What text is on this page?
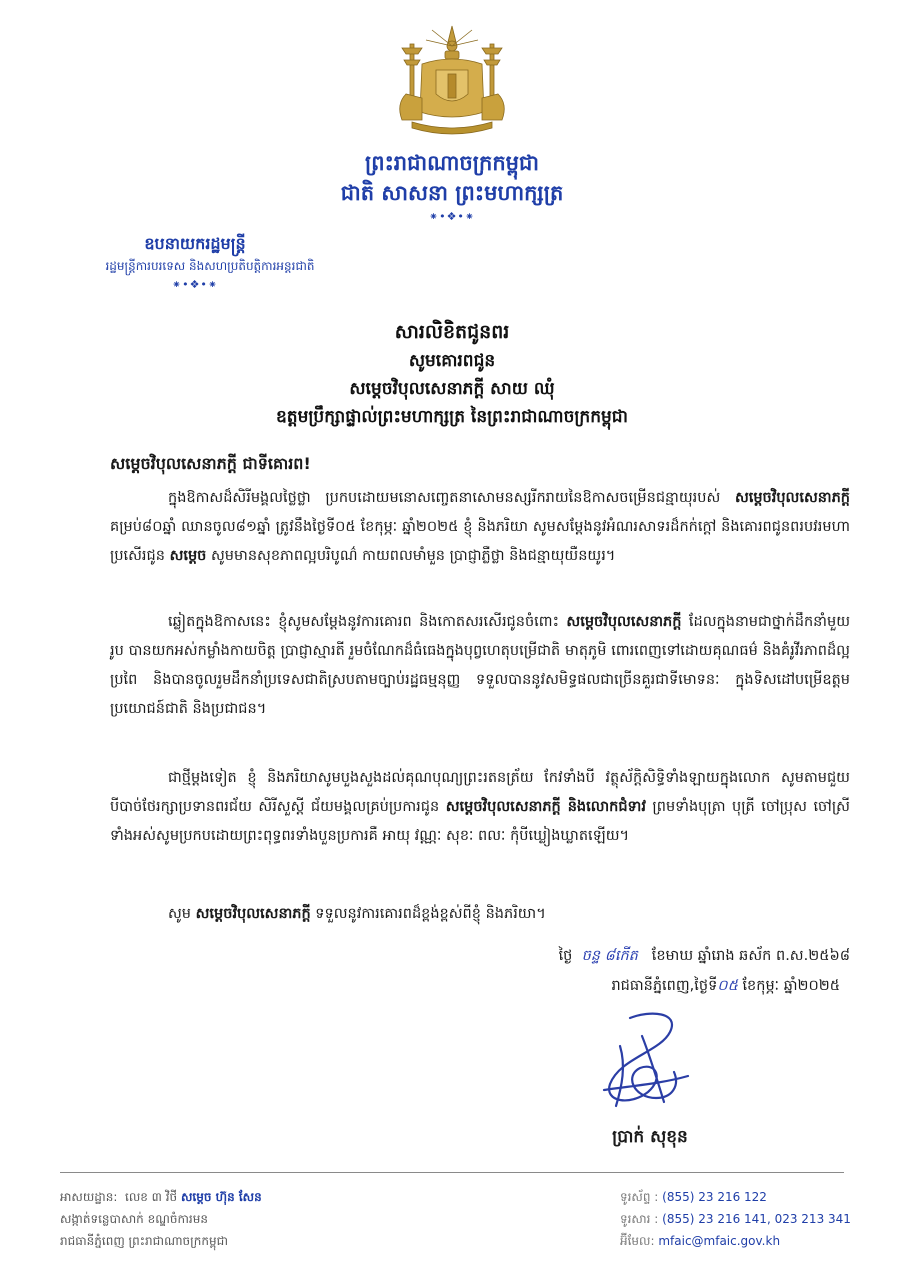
ព្រះរាជាណាចក្រកម្ពុជា
ជាតិ សាសនា ព្រះមហាក្សត្រ
⁕•❖•⁕
ឧបនាយករដ្ឋមន្ត្រី
រដ្ឋមន្ត្រីការបរទេស និងសហប្រតិបត្តិការអន្តរជាតិ
⁕•❖•⁕
សារលិខិតជូនពរ
សូមគោរពជូន
សម្តេចវិបុលសេនាភក្តី សាយ ឈុំ
ឧត្តមប្រឹក្សាផ្ទាល់ព្រះមហាក្សត្រ នៃព្រះរាជាណាចក្រកម្ពុជា
សម្តេចវិបុលសេនាភក្តី ជាទីគោរព!
ក្នុងឱកាសដ៏សិរីមង្គលថ្លៃថ្លា ប្រកបដោយមនោសញ្ចេតនាសោមនស្សរីករាយនៃឱកាសចម្រើនជន្មាយុរបស់ សម្តេចវិបុលសេនាភក្តី គម្រប់៨០ឆ្នាំ ឈានចូល៨១ឆ្នាំ ត្រូវនឹងថ្ងៃទី០៥ ខែកុម្ភៈ ឆ្នាំ២០២៥ ខ្ញុំ និងភរិយា សូមសម្តែងនូវអំណរសាទរដ៏កក់ក្តៅ និងគោរពជូនពរបវរមហាប្រសើរជូន សម្តេច សូមមានសុខភាពល្អបរិបូណ៌ កាយពលមាំមួន ប្រាជ្ញាភ្លឺថ្លា និងជន្មាយុយឺនយូរ។
ឆ្លៀតក្នុងឱកាសនេះ ខ្ញុំសូមសម្តែងនូវការគោរព និងកោតសរសើរជូនចំពោះ សម្តេចវិបុលសេនាភក្តី ដែលក្នុងនាមជាថ្នាក់ដឹកនាំមួយរូប បានយកអស់កម្លាំងកាយចិត្ត ប្រាជ្ញាស្មារតី រួមចំណែកដ៏ធំធេងក្នុងបុព្វហេតុបម្រើជាតិ មាតុភូមិ ពោរពេញទៅដោយគុណធម៌ និងគំរូវីរភាពដ៏ល្អប្រពៃ និងបានចូលរួមដឹកនាំប្រទេសជាតិស្របតាមច្បាប់រដ្ឋធម្មនុញ្ញ ទទួលបាននូវសមិទ្ធផលជាច្រើនគួរជាទីមោទនៈ ក្នុងទិសដៅបម្រើឧត្តមប្រយោជន៍ជាតិ និងប្រជាជន។
ជាថ្មីម្តងទៀត ខ្ញុំ និងភរិយាសូមបួងសួងដល់គុណបុណ្យព្រះរតនត្រ័យ កែវទាំងបី វត្ថុស័ក្តិសិទ្ធិទាំងឡាយក្នុងលោក សូមតាមជួយបីបាច់ថែរក្សាប្រទានពរជ័យ សិរីសួស្តី ជ័យមង្គលគ្រប់ប្រការជូន សម្តេចវិបុលសេនាភក្តី និងលោកជំទាវ ព្រមទាំងបុត្រា បុត្រី ចៅប្រុស ចៅស្រីទាំងអស់សូមប្រកបដោយព្រះពុទ្ធពរទាំងបួនប្រការគឺ អាយុ វណ្ណៈ សុខៈ ពលៈ កុំបីឃ្លៀងឃ្លាតឡើយ។
សូម សម្តេចវិបុលសេនាភក្តី ទទួលនូវការគោរពដ៏ខ្ពង់ខ្ពស់ពីខ្ញុំ និងភរិយា។
ថ្ងៃ ចន្ទ ៨កើត ខែមាឃ ឆ្នាំរោង ឆស័ក ព.ស.២៥៦៨
រាជធានីភ្នំពេញ,ថ្ងៃទី០៥ ខែកុម្ភៈ ឆ្នាំ២០២៥
ប្រាក់ សុខុន
អាសយដ្ឋាន: លេខ ៣ វិថី សម្តេច ហ៊ុន សែន
សង្កាត់ទន្លេបាសាក់ ខណ្ឌចំការមន
រាជធានីភ្នំពេញ ព្រះរាជាណាចក្រកម្ពុជា
ទូរស័ព្ទ : (855) 23 216 122
ទូរសារ : (855) 23 216 141, 023 213 341
អ៊ីមែល: mfaic@mfaic.gov.kh
